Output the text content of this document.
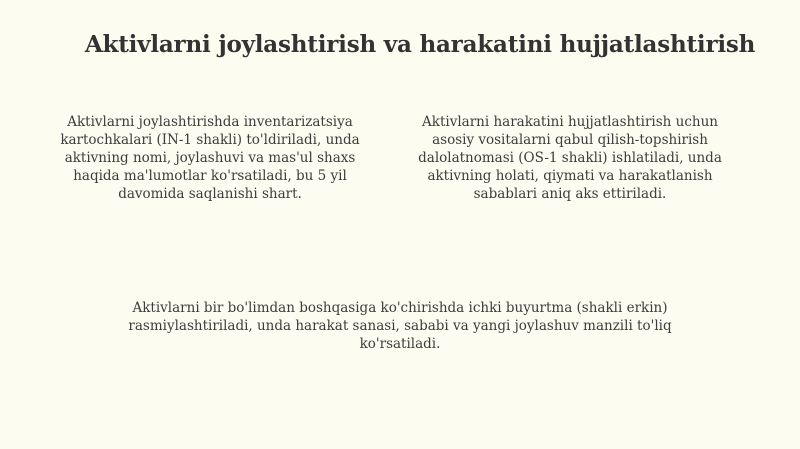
Aktivlarni joylashtirish va harakatini hujjatlashtirish

Aktivlarni joylashtirishda inventarizatsiya kartochkalari (IN-1 shakli) to'ldiriladi, unda aktivning nomi, joylashuvi va mas'ul shaxs haqida ma'lumotlar ko'rsatiladi, bu 5 yil davomida saqlanishi shart.

Aktivlarni harakatini hujjatlashtirish uchun asosiy vositalarni qabul qilish-topshirish dalolatnomasi (OS-1 shakli) ishlatiladi, unda aktivning holati, qiymati va harakatlanish sabablari aniq aks ettiriladi.

Aktivlarni bir bo'limdan boshqasiga ko'chirishda ichki buyurtma (shakli erkin) rasmiylashtiriladi, unda harakat sanasi, sababi va yangi joylashuv manzili to'liq ko'rsatiladi.
